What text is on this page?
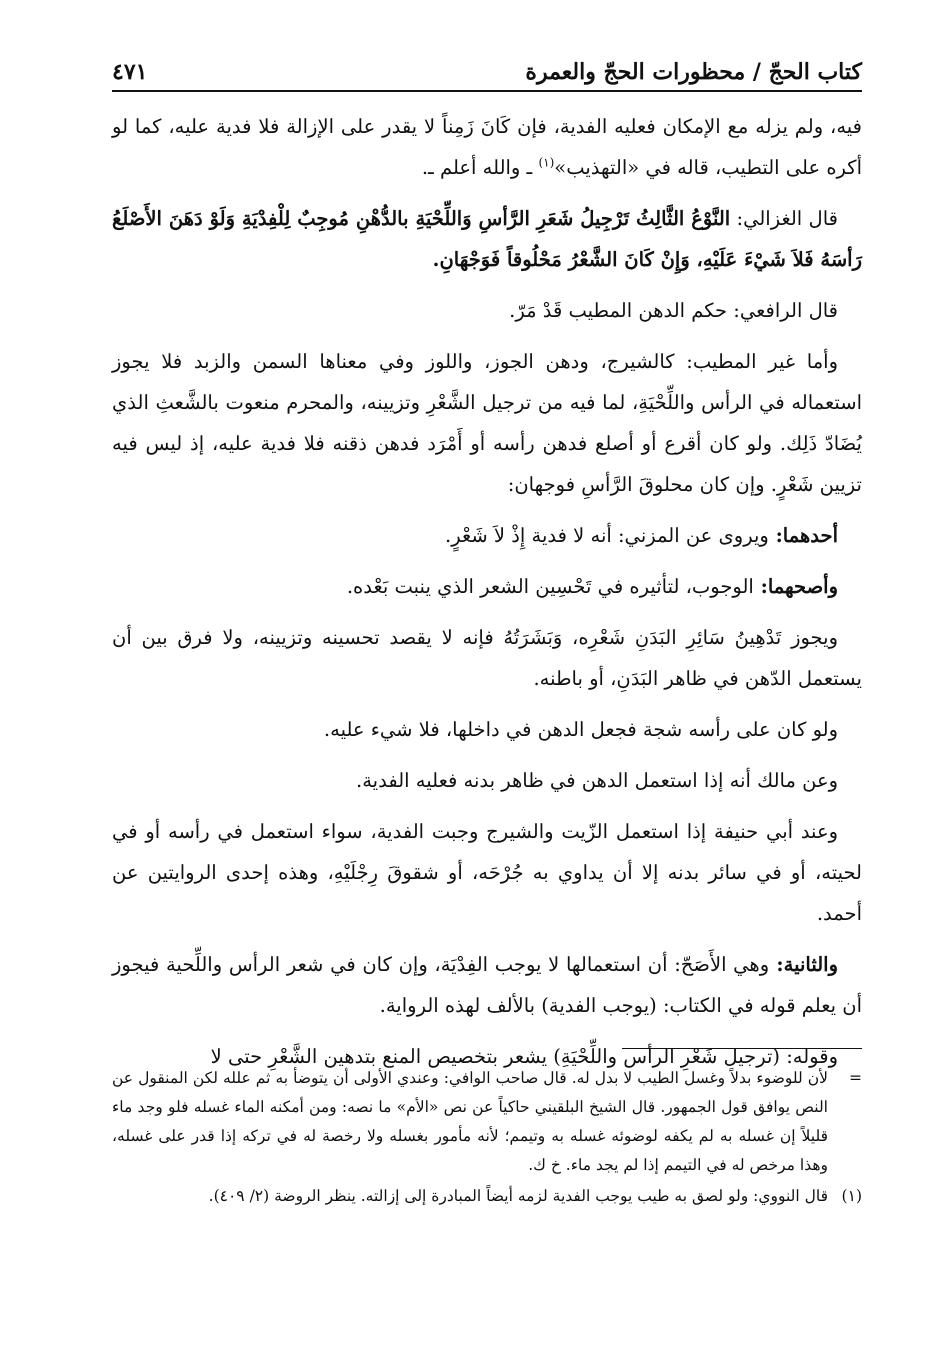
كتاب الحجّ / محظورات الحجّ والعمرة
٤٧١

فيه، ولم يزله مع الإمكان فعليه الفدية، فإن كَانَ زَمِناً لا يقدر على الإزالة فلا فدية عليه، كما لو أكره على التطيب، قاله في «التهذيب»$^{(١)}$ ـ والله أعلم ـ.

قال الغزالي: النَّوْعُ الثَّالِثُ تَرْجِيلُ شَعَرِ الرَّأسِ وَاللِّحْيَةِ بالدُّهْنِ مُوجِبٌ لِلْفِدْيَةِ وَلَوْ دَهَنَ الأَصْلَعُ رَأسَهُ فَلاَ شَيْءَ عَلَيْهِ، وَإِنْ كَانَ الشَّعْرُ مَحْلُوقاً فَوَجْهَانِ.

قال الرافعي: حكم الدهن المطيب قَدْ مَرّ.

وأما غير المطيب: كالشيرج، ودهن الجوز، واللوز وفي معناها السمن والزبد فلا يجوز استعماله في الرأس واللِّحْيَةِ، لما فيه من ترجيل الشَّعْرِ وتزيينه، والمحرم منعوت بالشَّعثِ الذي يُضَادّ ذَلِك. ولو كان أقرع أو أصلع فدهن رأسه أو أَمْرَد فدهن ذقنه فلا فدية عليه، إذ ليس فيه تزيين شَعْرٍ. وإن كان محلوقَ الرَّأسِ فوجهان:

أحدهما: ويروى عن المزني: أنه لا فدية إِذْ لاَ شَعْرٍ.

وأصحهما: الوجوب، لتأثيره في تَحْسِين الشعر الذي ينبت بَعْده.

ويجوز تَدْهِينُ سَائِرِ البَدَنِ شَعْرِه، وَبَشَرَتُهُ فإنه لا يقصد تحسينه وتزيينه، ولا فرق بين أن يستعمل الدّهن في ظاهر البَدَنِ، أو باطنه.

ولو كان على رأسه شجة فجعل الدهن في داخلها، فلا شيء عليه.

وعن مالك أنه إذا استعمل الدهن في ظاهر بدنه فعليه الفدية.

وعند أبي حنيفة إذا استعمل الزّيت والشيرج وجبت الفدية، سواء استعمل في رأسه أو في لحيته، أو في سائر بدنه إلا أن يداوي به جُرْحَه، أو شقوقَ رِجْلَيْهِ، وهذه إحدى الروايتين عن أحمد.

والثانية: وهي الأَصَحّ: أن استعمالها لا يوجب الفِدْيَة، وإن كان في شعر الرأس واللِّحية فيجوز أن يعلم قوله في الكتاب: (يوجب الفدية) بالألف لهذه الرواية.

وقوله: (ترجيل شَعْرِ الرأس واللِّحْيَةِ) يشعر بتخصيص المنع بتدهين الشَّعْرِ حتى لا

=
لأن للوضوء بدلاً وغسل الطيب لا بدل له. قال صاحب الوافي: وعندي الأولى أن يتوضأ به ثم علله لكن المنقول عن النص يوافق قول الجمهور. قال الشيخ البلقيني حاكياً عن نص «الأم» ما نصه: ومن أمكنه الماء غسله فلو وجد ماء قليلاً إن غسله به لم يكفه لوضوئه غسله به وتيمم؛ لأنه مأمور بغسله ولا رخصة له في تركه إذا قدر على غسله، وهذا مرخص له في التيمم إذا لم يجد ماء. خ ك.
(١)
قال النووي: ولو لصق به طيب يوجب الفدية لزمه أيضاً المبادرة إلى إزالته. ينظر الروضة (٢/ ٤٠٩).
